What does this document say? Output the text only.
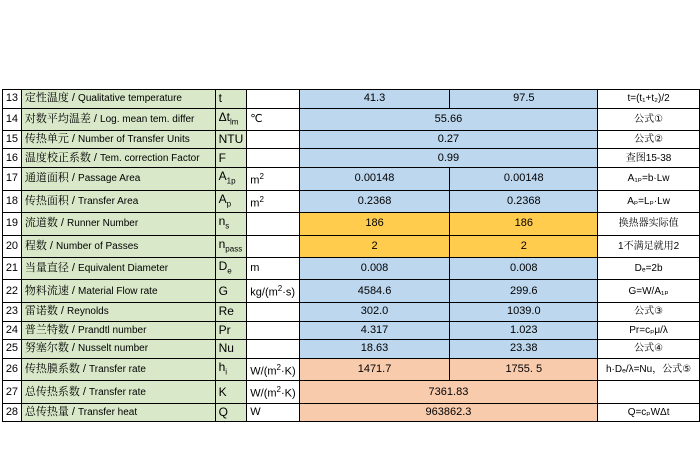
13	定性温度 / Qualitative temperature	t		41.3	97.5	t=(t₁+t₂)/2
14	对数平均温差 / Log. mean tem. differ	$\Delta t_{lm}$	℃	55.66		公式①
15	传热单元 / Number of Transfer Units	NTU		0.27		公式②
16	温度校正系数 / Tem. correction Factor	F		0.99		查图15-38
17	通道面积 / Passage Area	$A_{1p}$	$m^2$	0.00148	0.00148	A₁ₚ=b·Lw
18	传热面积 / Transfer Area	$A_p$	$m^2$	0.2368	0.2368	Aₚ=Lₚ·Lw
19	流道数 / Runner Number	$n_s$		186	186	换热器实际值
20	程数 / Number of Passes	$n_{pass}$		2	2	1不满足就用2
21	当量直径 / Equivalent Diameter	$D_e$	m	0.008	0.008	Dₑ=2b
22	物料流速 / Material Flow rate	G	$kg/(m^2\cdot s)$	4584.6	299.6	G=W/A₁ₚ
23	雷诺数 / Reynolds	Re		302.0	1039.0	公式③
24	普兰特数 / Prandtl number	Pr		4.317	1.023	Pr=cₚμ/λ
25	努塞尔数 / Nusselt number	Nu		18.63	23.38	公式④
26	传热膜系数 / Transfer rate	$h_i$	$W/(m^2\cdot K)$	1471.7	1755. 5	h·Dₑ/λ=Nu，公式⑤
27	总传热系数 / Transfer rate	K	$W/(m^2\cdot K)$	7361.83		
28	总传热量 / Transfer heat	Q	W	963862.3		Q=cₚWΔt
